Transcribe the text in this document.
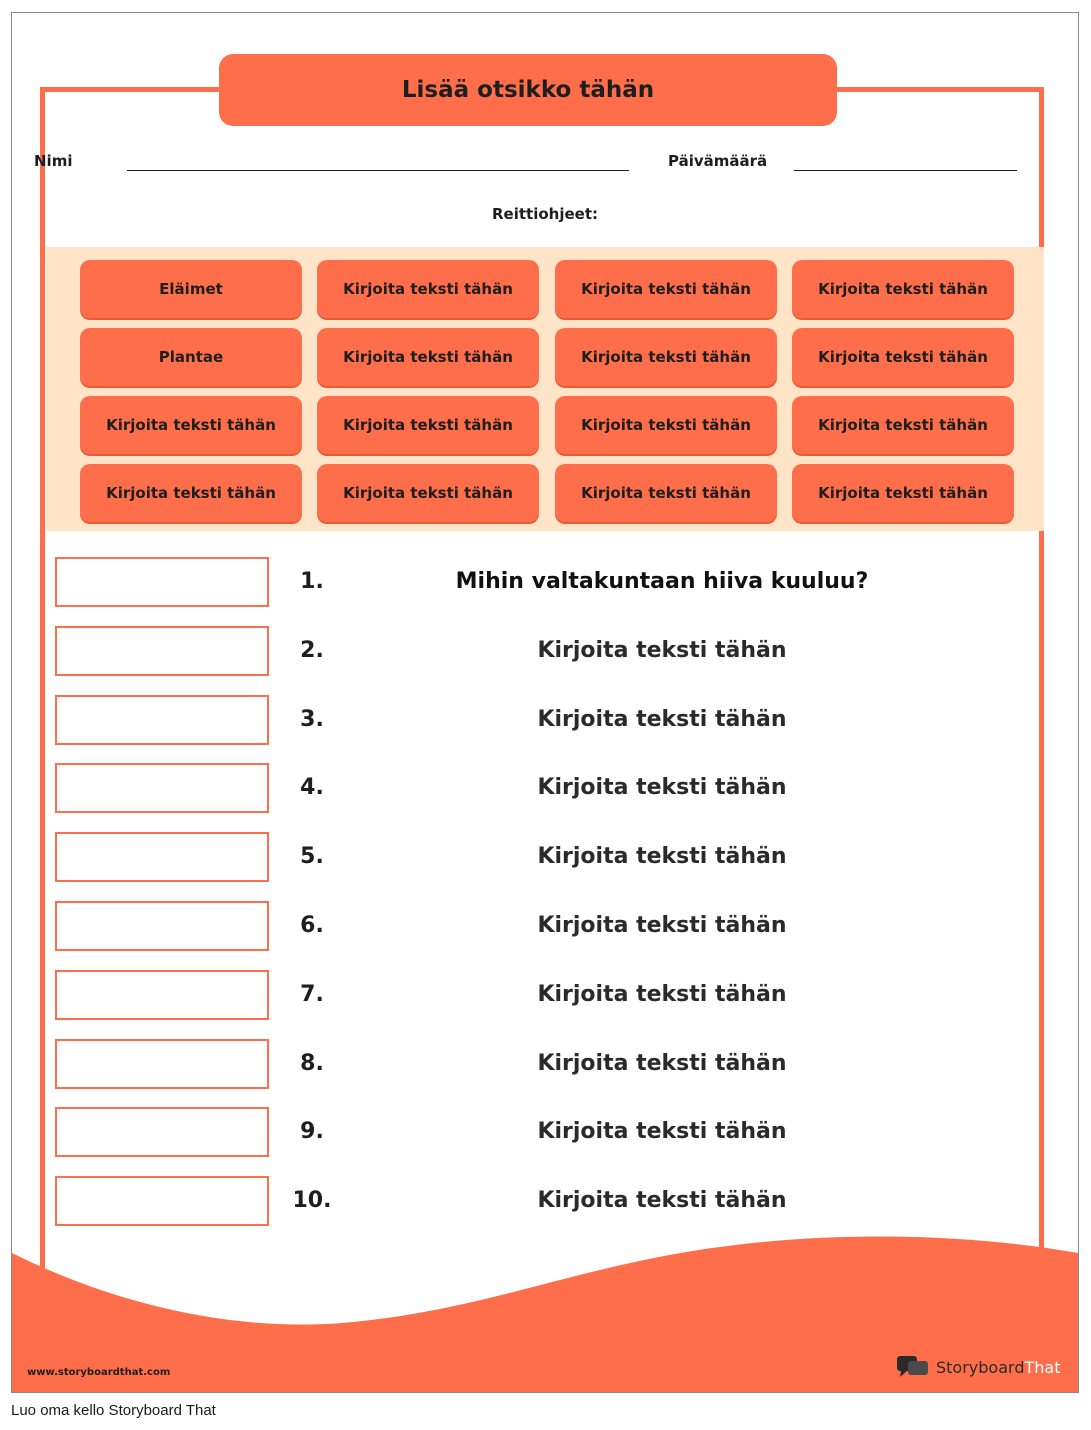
Lisää otsikko tähän
Nimi	Päivämäärä
Reittiohjeet:
Eläimet	Kirjoita teksti tähän	Kirjoita teksti tähän	Kirjoita teksti tähän
Plantae	Kirjoita teksti tähän	Kirjoita teksti tähän	Kirjoita teksti tähän
Kirjoita teksti tähän	Kirjoita teksti tähän	Kirjoita teksti tähän	Kirjoita teksti tähän
Kirjoita teksti tähän	Kirjoita teksti tähän	Kirjoita teksti tähän	Kirjoita teksti tähän
1.	Mihin valtakuntaan hiiva kuuluu?
2.	Kirjoita teksti tähän
3.	Kirjoita teksti tähän
4.	Kirjoita teksti tähän
5.	Kirjoita teksti tähän
6.	Kirjoita teksti tähän
7.	Kirjoita teksti tähän
8.	Kirjoita teksti tähän
9.	Kirjoita teksti tähän
10.	Kirjoita teksti tähän
www.storyboardthat.com	Storyboard That
Luo oma kello Storyboard That
